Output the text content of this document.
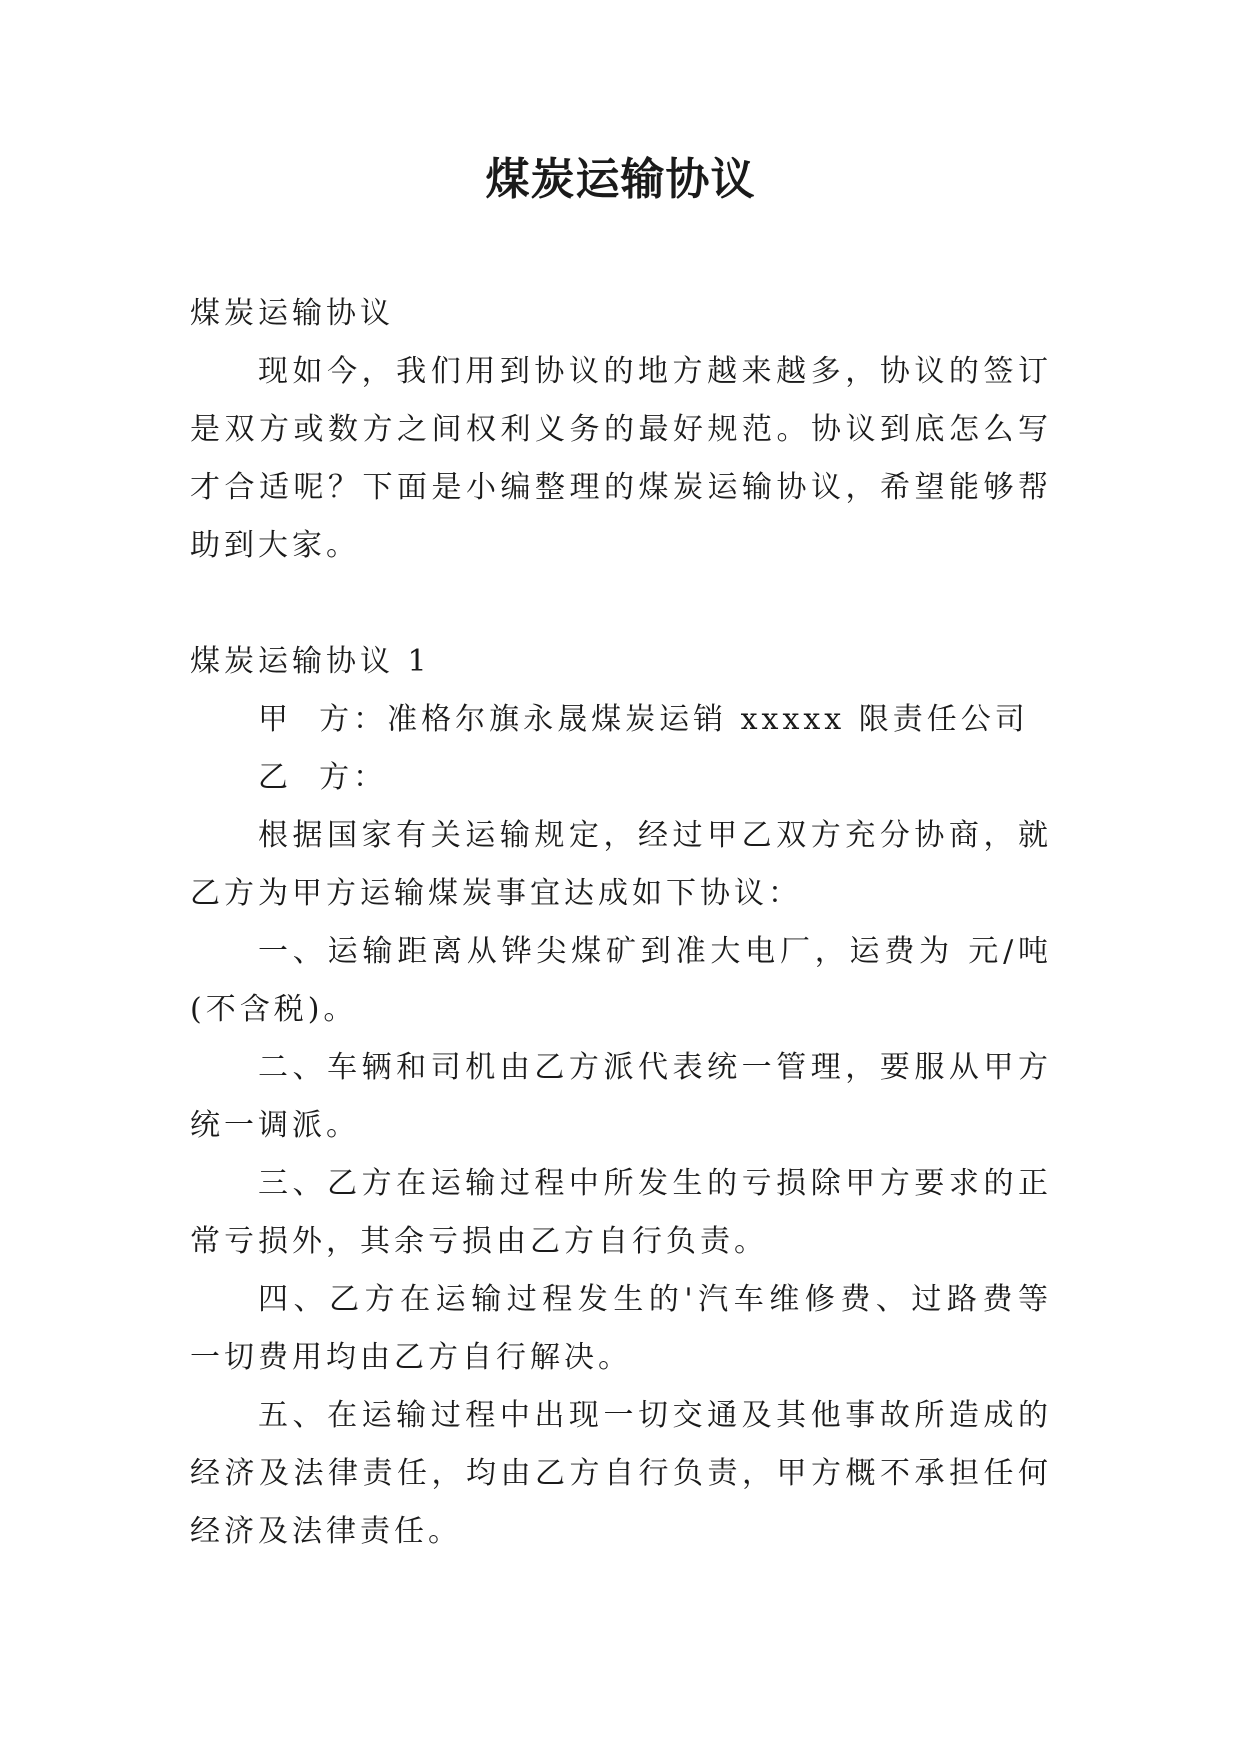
煤炭运输协议

煤炭运输协议

现如今，我们用到协议的地方越来越多，协议的签订是双方或数方之间权利义务的最好规范。协议到底怎么写才合适呢？下面是小编整理的煤炭运输协议，希望能够帮助到大家。

煤炭运输协议 1

甲  方：准格尔旗永晟煤炭运销 xxxxx 限责任公司

乙  方：

根据国家有关运输规定，经过甲乙双方充分协商，就乙方为甲方运输煤炭事宜达成如下协议：

一、运输距离从铧尖煤矿到准大电厂，运费为 元/吨(不含税)。

二、车辆和司机由乙方派代表统一管理，要服从甲方统一调派。

三、乙方在运输过程中所发生的亏损除甲方要求的正常亏损外，其余亏损由乙方自行负责。

四、乙方在运输过程发生的'汽车维修费、过路费等一切费用均由乙方自行解决。

五、在运输过程中出现一切交通及其他事故所造成的经济及法律责任，均由乙方自行负责，甲方概不承担任何经济及法律责任。
